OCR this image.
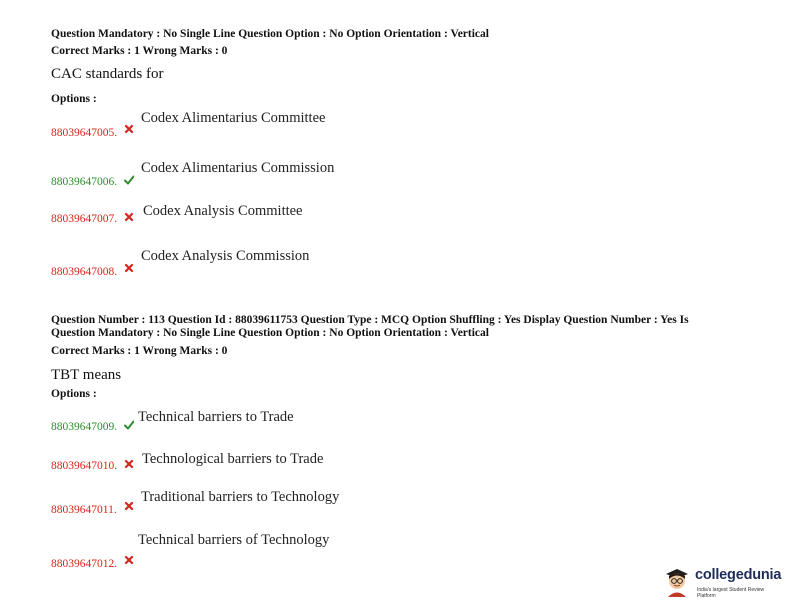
Question Mandatory : No Single Line Question Option : No Option Orientation : Vertical
Correct Marks : 1 Wrong Marks : 0
CAC standards for
Options :
88039647005.
Codex Alimentarius Committee
88039647006.
Codex Alimentarius Commission
88039647007.	Codex Analysis Committee
88039647008.
Codex Analysis Commission
Question Number : 113 Question Id : 88039611753 Question Type : MCQ Option Shuffling : Yes Display Question Number : Yes Is
Question Mandatory : No Single Line Question Option : No Option Orientation : Vertical
Correct Marks : 1 Wrong Marks : 0
TBT means
Options :
88039647009.
Technical barriers to Trade
88039647010.	Technological barriers to Trade
88039647011.
Traditional barriers to Technology
88039647012.
Technical barriers of Technology
collegedunia
India's largest Student Review Platform
